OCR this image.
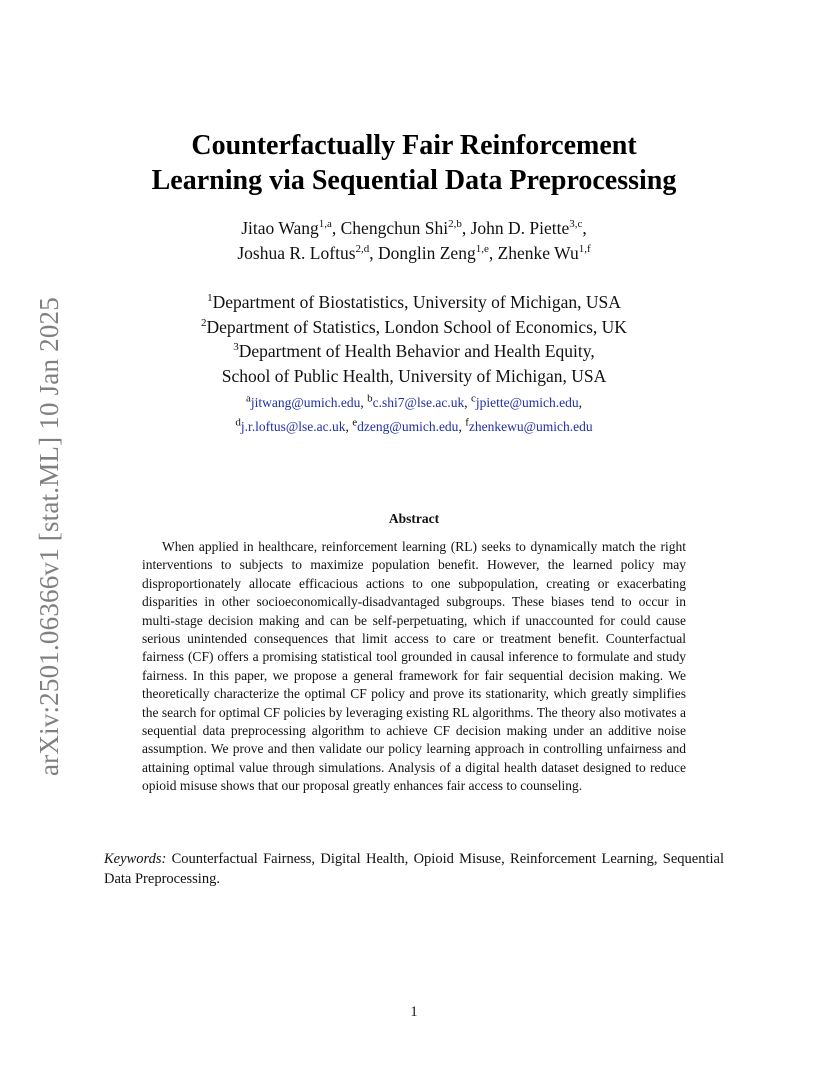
arXiv:2501.06366v1 [stat.ML] 10 Jan 2025
Counterfactually Fair Reinforcement
Learning via Sequential Data Preprocessing
Jitao Wang$^{1,a}$, Chengchun Shi$^{2,b}$, John D. Piette$^{3,c}$,
Joshua R. Loftus$^{2,d}$, Donglin Zeng$^{1,e}$, Zhenke Wu$^{1,f}$
$^1$Department of Biostatistics, University of Michigan, USA
$^2$Department of Statistics, London School of Economics, UK
$^3$Department of Health Behavior and Health Equity,
School of Public Health, University of Michigan, USA
$^a$jitwang@umich.edu, $^b$c.shi7@lse.ac.uk, $^c$jpiette@umich.edu,
$^d$j.r.loftus@lse.ac.uk, $^e$dzeng@umich.edu, $^f$zhenkewu@umich.edu
Abstract

When applied in healthcare, reinforcement learning (RL) seeks to dynamically match the right interventions to subjects to maximize population benefit. However, the learned policy may disproportionately allocate efficacious actions to one subpopulation, creating or exacerbating disparities in other socioeconomically-disadvantaged subgroups. These biases tend to occur in multi-stage decision making and can be self-perpetuating, which if unaccounted for could cause serious unintended consequences that limit access to care or treatment benefit. Counterfactual fairness (CF) offers a promising statistical tool grounded in causal inference to formulate and study fairness. In this paper, we propose a general framework for fair sequential decision making. We theoretically characterize the optimal CF policy and prove its stationarity, which greatly simplifies the search for optimal CF policies by leveraging existing RL algorithms. The theory also motivates a sequential data preprocessing algorithm to achieve CF decision making under an additive noise assumption. We prove and then validate our policy learning approach in controlling unfairness and attaining optimal value through simulations. Analysis of a digital health dataset designed to reduce opioid misuse shows that our proposal greatly enhances fair access to counseling.

Keywords: Counterfactual Fairness, Digital Health, Opioid Misuse, Reinforcement Learning, Sequential Data Preprocessing.

1
